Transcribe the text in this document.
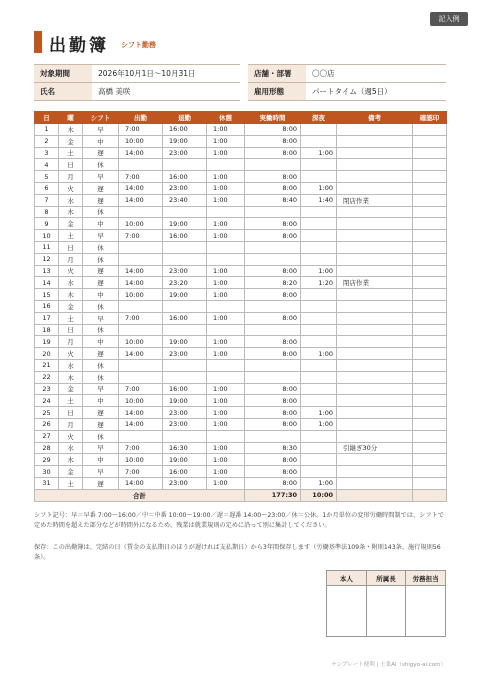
記入例
出勤簿 シフト勤務
対象期間	2026年10月1日〜10月31日		店舗・部署	〇〇店
氏名	高橋 美咲		雇用形態	パートタイム（週5日）
日	曜	シフト	出勤	退勤	休憩	実働時間	深夜	備考	確認印
1	木	早	7:00	16:00	1:00	8:00			
2	金	中	10:00	19:00	1:00	8:00			
3	土	遅	14:00	23:00	1:00	8:00	1:00		
4	日	休							
5	月	早	7:00	16:00	1:00	8:00			
6	火	遅	14:00	23:00	1:00	8:00	1:00		
7	水	遅	14:00	23:40	1:00	8:40	1:40	閉店作業	
8	木	休							
9	金	中	10:00	19:00	1:00	8:00			
10	土	早	7:00	16:00	1:00	8:00			
11	日	休							
12	月	休							
13	火	遅	14:00	23:00	1:00	8:00	1:00		
14	水	遅	14:00	23:20	1:00	8:20	1:20	閉店作業	
15	木	中	10:00	19:00	1:00	8:00			
16	金	休							
17	土	早	7:00	16:00	1:00	8:00			
18	日	休							
19	月	中	10:00	19:00	1:00	8:00			
20	火	遅	14:00	23:00	1:00	8:00	1:00		
21	水	休							
22	木	休							
23	金	早	7:00	16:00	1:00	8:00			
24	土	中	10:00	19:00	1:00	8:00			
25	日	遅	14:00	23:00	1:00	8:00	1:00		
26	月	遅	14:00	23:00	1:00	8:00	1:00		
27	火	休							
28	水	早	7:00	16:30	1:00	8:30		引継ぎ30分	
29	木	中	10:00	19:00	1:00	8:00			
30	金	早	7:00	16:00	1:00	8:00			
31	土	遅	14:00	23:00	1:00	8:00	1:00		
合計						177:30	10:00		
シフト記号：早＝早番 7:00〜16:00／中＝中番 10:00〜19:00／遅＝遅番 14:00〜23:00／休＝公休。1か月単位の変形労働時間制では、シフトで定めた時間を超えた部分などが時間外になるため、残業は就業規則の定めに沿って別に集計してください。
保存：この出勤簿は、完結の日（賃金の支払期日のほうが遅ければ支払期日）から3年間保存します（労働基準法109条・附則143条、施行規則56条）。
本人	所属長	労務担当

テンプレート便利 | 士業AI（shigyo-ai.com）
